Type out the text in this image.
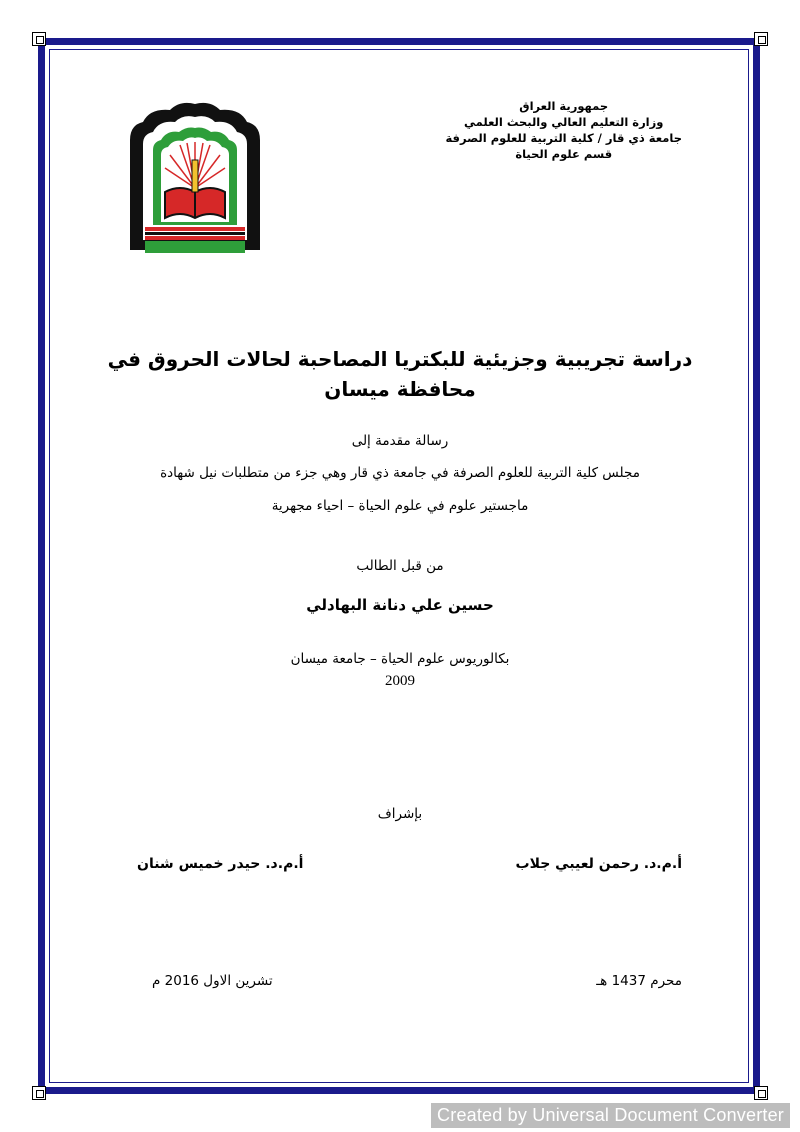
جمهورية العراق
وزارة التعليم العالي والبحث العلمي
جامعة ذي قار / كلية التربية للعلوم الصرفة
قسم علوم الحياة
دراسة تجريبية وجزيئية للبكتريا المصاحبة لحالات الحروق في
محافظة ميسان
رسالة مقدمة إلى
مجلس كلية التربية للعلوم الصرفة في جامعة ذي قار وهي جزء من متطلبات نيل شهادة
ماجستير علوم في علوم الحياة – احياء مجهرية
من قبل الطالب
حسين علي دنانة البهادلي
بكالوريوس علوم الحياة – جامعة ميسان
2009
بإشراف
أ.م.د. رحمن لعيبي جلاب
أ.م.د. حيدر خميس شنان
محرم 1437 هـ
تشرين الاول 2016 م
Created by Universal Document Converter
